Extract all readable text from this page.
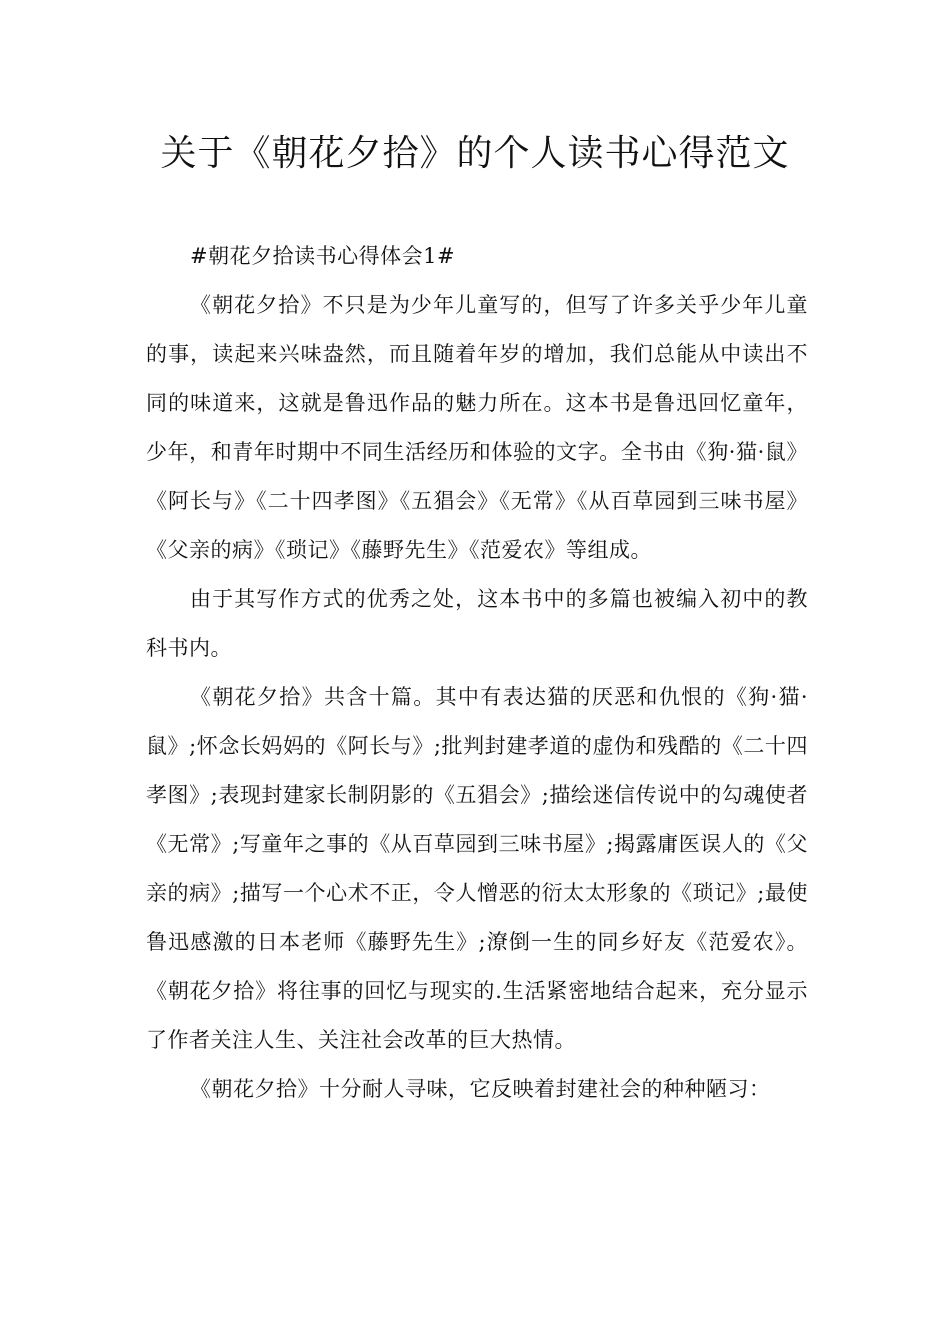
关于《朝花夕拾》的个人读书心得范文

#朝花夕拾读书心得体会1#

《朝花夕拾》不只是为少年儿童写的，但写了许多关乎少年儿童的事，读起来兴味盎然，而且随着年岁的增加，我们总能从中读出不同的味道来，这就是鲁迅作品的魅力所在。这本书是鲁迅回忆童年，少年，和青年时期中不同生活经历和体验的文字。全书由《狗·猫·鼠》《阿长与》《二十四孝图》《五猖会》《无常》《从百草园到三味书屋》《父亲的病》《琐记》《藤野先生》《范爱农》等组成。

由于其写作方式的优秀之处，这本书中的多篇也被编入初中的教科书内。

《朝花夕拾》共含十篇。其中有表达猫的厌恶和仇恨的《狗·猫·鼠》;怀念长妈妈的《阿长与》;批判封建孝道的虚伪和残酷的《二十四孝图》;表现封建家长制阴影的《五猖会》;描绘迷信传说中的勾魂使者《无常》;写童年之事的《从百草园到三味书屋》;揭露庸医误人的《父亲的病》;描写一个心术不正，令人憎恶的衍太太形象的《琐记》;最使鲁迅感激的日本老师《藤野先生》;潦倒一生的同乡好友《范爱农》。《朝花夕拾》将往事的回忆与现实的.生活紧密地结合起来，充分显示了作者关注人生、关注社会改革的巨大热情。

《朝花夕拾》十分耐人寻味，它反映着封建社会的种种陋习：
